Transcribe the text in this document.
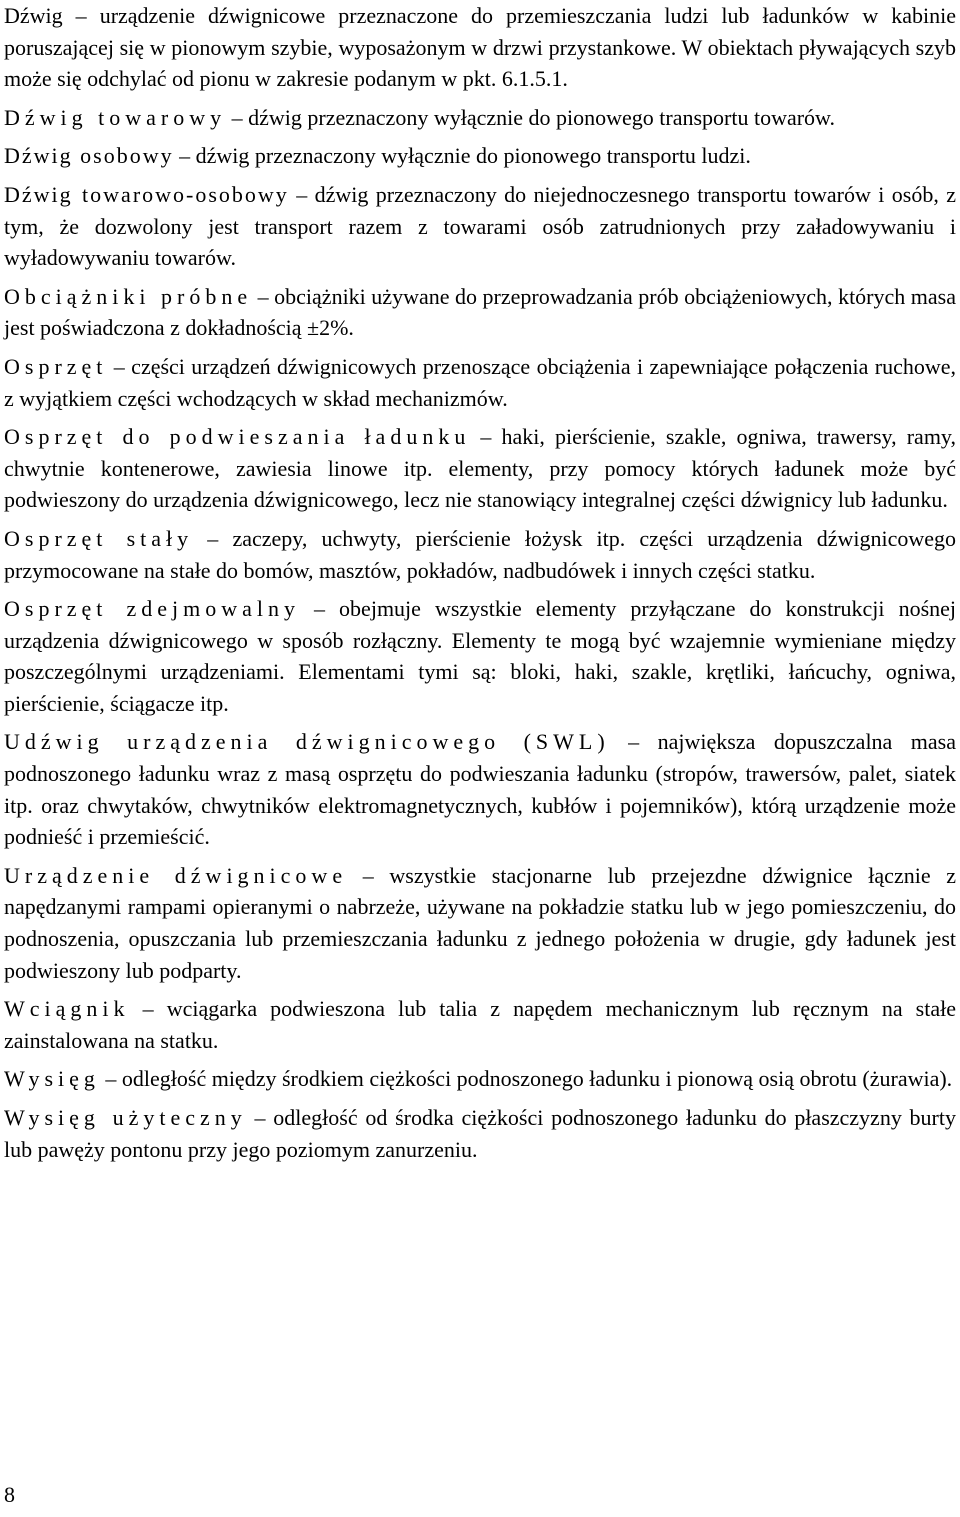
Dźwig – urządzenie dźwignicowe przeznaczone do przemieszczania ludzi lub ładunków w kabinie poruszającej się w pionowym szybie, wyposażonym w drzwi przystankowe. W obiektach pływających szyb może się odchylać od pionu w zakresie podanym w pkt. 6.1.5.1.

Dźwig towarowy – dźwig przeznaczony wyłącznie do pionowego transportu towarów.

Dźwig osobowy – dźwig przeznaczony wyłącznie do pionowego transportu ludzi.

Dźwig towarowo-osobowy – dźwig przeznaczony do niejednoczesnego transportu towarów i osób, z tym, że dozwolony jest transport razem z towarami osób zatrudnionych przy załadowywaniu i wyładowywaniu towarów.

Obciążniki próbne – obciążniki używane do przeprowadzania prób obciążeniowych, których masa jest poświadczona z dokładnością ±2%.

Osprzęt – części urządzeń dźwignicowych przenoszące obciążenia i zapewniające połączenia ruchowe, z wyjątkiem części wchodzących w skład mechanizmów.

Osprzęt do podwieszania ładunku – haki, pierścienie, szakle, ogniwa, trawersy, ramy, chwytnie kontenerowe, zawiesia linowe itp. elementy, przy pomocy których ładunek może być podwieszony do urządzenia dźwignicowego, lecz nie stanowiący integralnej części dźwignicy lub ładunku.

Osprzęt stały – zaczepy, uchwyty, pierścienie łożysk itp. części urządzenia dźwignicowego przymocowane na stałe do bomów, masztów, pokładów, nadbudówek i innych części statku.

Osprzęt zdejmowalny – obejmuje wszystkie elementy przyłączane do konstrukcji nośnej urządzenia dźwignicowego w sposób rozłączny. Elementy te mogą być wzajemnie wymieniane między poszczególnymi urządzeniami. Elementami tymi są: bloki, haki, szakle, krętliki, łańcuchy, ogniwa, pierścienie, ściągacze itp.

Udźwig urządzenia dźwignicowego (SWL) – największa dopuszczalna masa podnoszonego ładunku wraz z masą osprzętu do podwieszania ładunku (stropów, trawersów, palet, siatek itp. oraz chwytaków, chwytników elektromagnetycznych, kubłów i pojemników), którą urządzenie może podnieść i przemieścić.

Urządzenie dźwignicowe – wszystkie stacjonarne lub przejezdne dźwignice łącznie z napędzanymi rampami opieranymi o nabrzeże, używane na pokładzie statku lub w jego pomieszczeniu, do podnoszenia, opuszczania lub przemieszczania ładunku z jednego położenia w drugie, gdy ładunek jest podwieszony lub podparty.

Wciągnik – wciągarka podwieszona lub talia z napędem mechanicznym lub ręcznym na stałe zainstalowana na statku.

Wysięg – odległość między środkiem ciężkości podnoszonego ładunku i pionową osią obrotu (żurawia).

Wysięg użyteczny – odległość od środka ciężkości podnoszonego ładunku do płaszczyzny burty lub pawęży pontonu przy jego poziomym zanurzeniu.

8
